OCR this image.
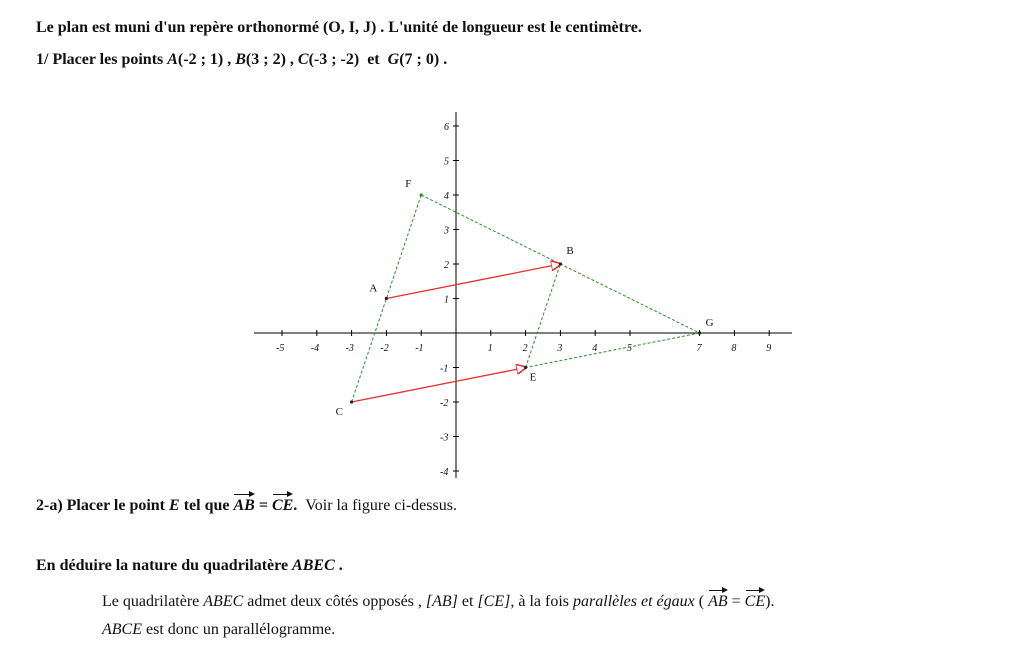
Le plan est muni d'un repère orthonormé (O, I, J) . L'unité de longueur est le centimètre.
1/ Placer les points A(-2 ; 1) , B(3 ; 2) , C(-3 ; -2) et G(7 ; 0) .
-5	-4	-3	-2	-1	1	2	3	4	5	7	8	9
6
5
4
3
2
1
-1
-2
-3
-4
A
B
C
E
F
G
2-a) Placer le point E tel que AB = CE. Voir la figure ci-dessus.
En déduire la nature du quadrilatère ABEC .
Le quadrilatère ABEC admet deux côtés opposés , [AB] et [CE], à la fois parallèles et égaux ( AB = CE).
ABCE est donc un parallélogramme.
